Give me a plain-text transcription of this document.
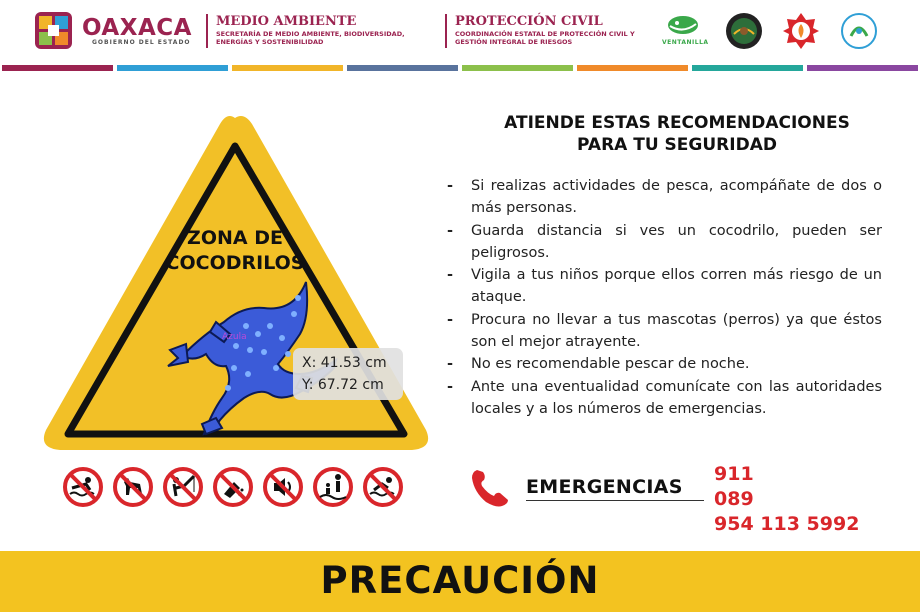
OAXACA
GOBIERNO DEL ESTADO
MEDIO AMBIENTE
SECRETARÍA DE MEDIO AMBIENTE, BIODIVERSIDAD, ENERGÍAS Y SOSTENIBILIDAD
PROTECCIÓN CIVIL
COORDINACIÓN ESTATAL DE PROTECCIÓN CIVIL Y GESTIÓN INTEGRAL DE RIESGOS	VENTANILLA
ZONA DE
COCODRILOS
Azula
X: 41.53 cm
Y: 67.72 cm
ATIENDE ESTAS RECOMENDACIONES
PARA TU SEGURIDAD
- Si realizas actividades de pesca, acompáñate de dos o más personas.
- Guarda distancia si ves un cocodrilo, pueden ser peligrosos.
- Vigila a tus niños porque ellos corren más riesgo de un ataque.
- Procura no llevar a tus mascotas (perros) ya que éstos son el mejor atrayente.
- No es recomendable pescar de noche.
- Ante una eventualidad comunícate con las autoridades locales y a los números de emergencias.
EMERGENCIAS
911
089
954 113 5992
PRECAUCIÓN
